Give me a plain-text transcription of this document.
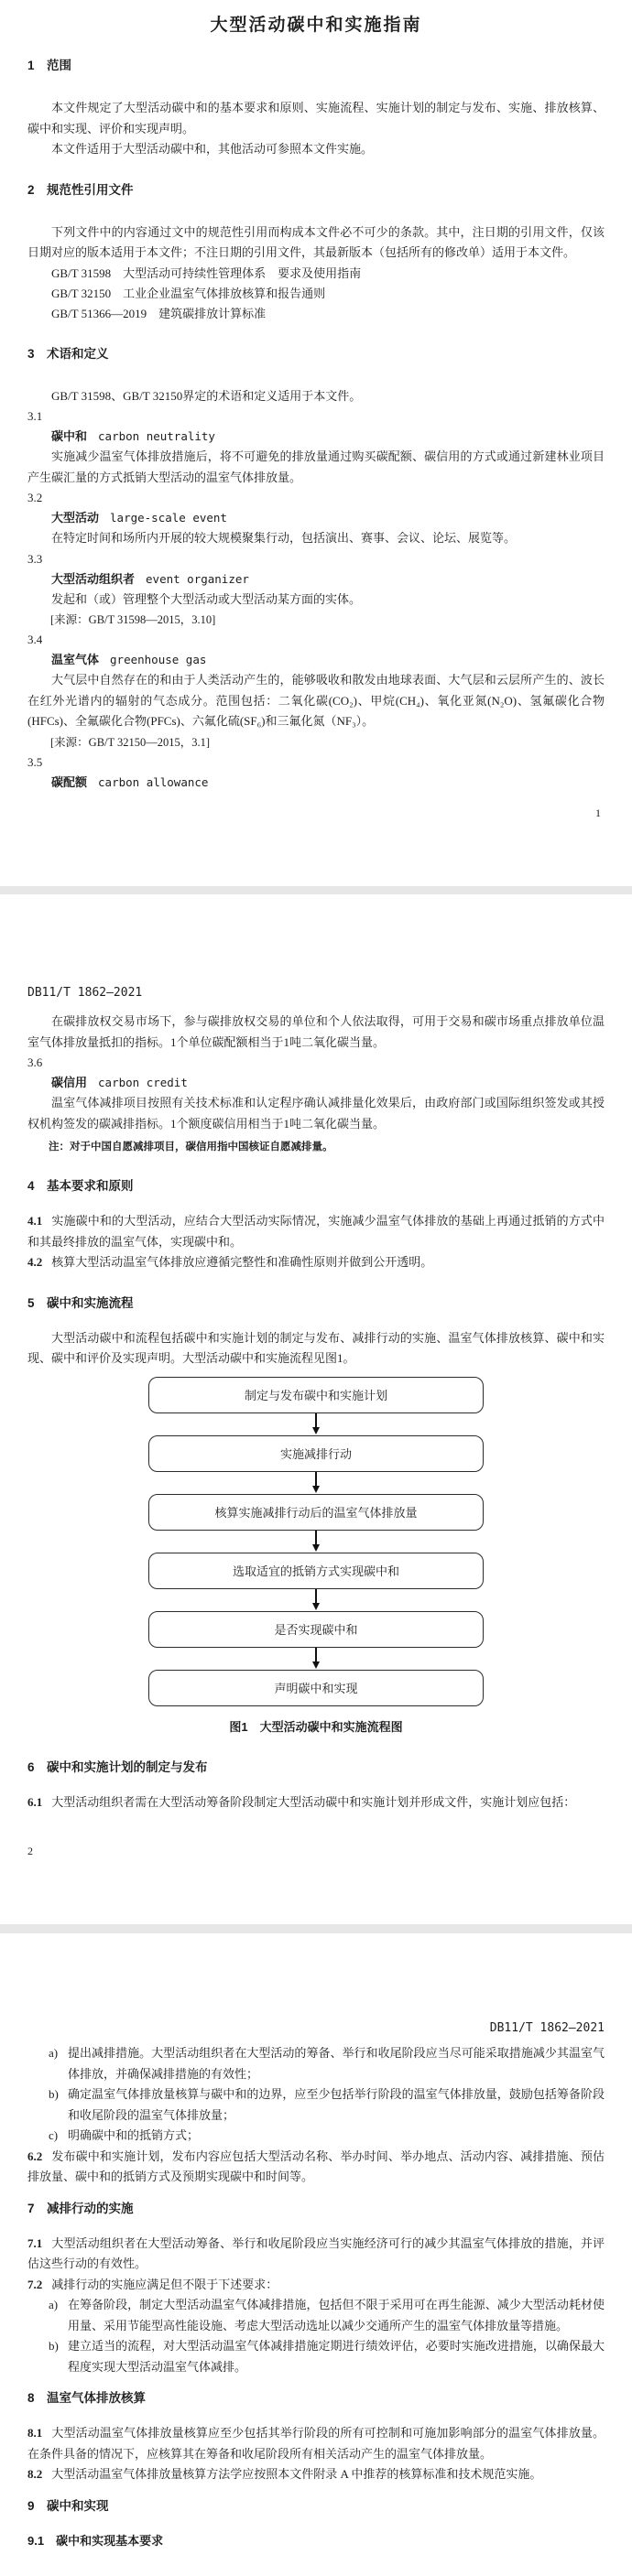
大型活动碳中和实施指南
1　范围

本文件规定了大型活动碳中和的基本要求和原则、实施流程、实施计划的制定与发布、实施、排放核算、碳中和实现、评价和实现声明。

本文件适用于大型活动碳中和，其他活动可参照本文件实施。

2　规范性引用文件

下列文件中的内容通过文中的规范性引用而构成本文件必不可少的条款。其中，注日期的引用文件，仅该日期对应的版本适用于本文件；不注日期的引用文件，其最新版本（包括所有的修改单）适用于本文件。

GB/T 31598　大型活动可持续性管理体系　要求及使用指南

GB/T 32150　工业企业温室气体排放核算和报告通则

GB/T 51366—2019　建筑碳排放计算标准

3　术语和定义

GB/T 31598、GB/T 32150界定的术语和定义适用于本文件。

3.1

碳中和 carbon neutrality

实施减少温室气体排放措施后，将不可避免的排放量通过购买碳配额、碳信用的方式或通过新建林业项目产生碳汇量的方式抵销大型活动的温室气体排放量。

3.2

大型活动 large-scale event

在特定时间和场所内开展的较大规模聚集行动，包括演出、赛事、会议、论坛、展览等。

3.3

大型活动组织者 event organizer

发起和（或）管理整个大型活动或大型活动某方面的实体。

[来源：GB/T 31598—2015，3.10]

3.4

温室气体 greenhouse gas

大气层中自然存在的和由于人类活动产生的，能够吸收和散发由地球表面、大气层和云层所产生的、波长在红外光谱内的辐射的气态成分。范围包括：二氧化碳(CO₂)、甲烷(CH₄)、氧化亚氮(N₂O)、氢氟碳化合物(HFCs)、全氟碳化合物(PFCs)、六氟化硫(SF₆)和三氟化氮（NF₃）。

[来源：GB/T 32150—2015，3.1]

3.5

碳配额 carbon allowance

1
DB11/T 1862—2021

在碳排放权交易市场下，参与碳排放权交易的单位和个人依法取得，可用于交易和碳市场重点排放单位温室气体排放量抵扣的指标。1个单位碳配额相当于1吨二氧化碳当量。

3.6

碳信用 carbon credit

温室气体减排项目按照有关技术标准和认定程序确认减排量化效果后，由政府部门或国际组织签发或其授权机构签发的碳减排指标。1个额度碳信用相当于1吨二氧化碳当量。

注：对于中国自愿减排项目，碳信用指中国核证自愿减排量。

4　基本要求和原则

4.1 实施碳中和的大型活动，应结合大型活动实际情况，实施减少温室气体排放的基础上再通过抵销的方式中和其最终排放的温室气体，实现碳中和。

4.2 核算大型活动温室气体排放应遵循完整性和准确性原则并做到公开透明。

5　碳中和实施流程

大型活动碳中和流程包括碳中和实施计划的制定与发布、减排行动的实施、温室气体排放核算、碳中和实现、碳中和评价及实现声明。大型活动碳中和实施流程见图1。

制定与发布碳中和实施计划
实施减排行动
核算实施减排行动后的温室气体排放量
选取适宜的抵销方式实现碳中和
是否实现碳中和
声明碳中和实现
图1　大型活动碳中和实施流程图
6　碳中和实施计划的制定与发布

6.1 大型活动组织者需在大型活动筹备阶段制定大型活动碳中和实施计划并形成文件，实施计划应包括：

2
DB11/T 1862—2021
a) 提出减排措施。大型活动组织者在大型活动的筹备、举行和收尾阶段应当尽可能采取措施减少其温室气体排放，并确保减排措施的有效性；
b) 确定温室气体排放量核算与碳中和的边界，应至少包括举行阶段的温室气体排放量，鼓励包括筹备阶段和收尾阶段的温室气体排放量；
c) 明确碳中和的抵销方式；

6.2 发布碳中和实施计划，发布内容应包括大型活动名称、举办时间、举办地点、活动内容、减排措施、预估排放量、碳中和的抵销方式及预期实现碳中和时间等。

7　减排行动的实施

7.1 大型活动组织者在大型活动筹备、举行和收尾阶段应当实施经济可行的减少其温室气体排放的措施，并评估这些行动的有效性。

7.2 减排行动的实施应满足但不限于下述要求：

a) 在筹备阶段，制定大型活动温室气体减排措施，包括但不限于采用可在再生能源、减少大型活动耗材使用量、采用节能型高性能设施、考虑大型活动选址以减少交通所产生的温室气体排放量等措施。
b) 建立适当的流程，对大型活动温室气体减排措施定期进行绩效评估，必要时实施改进措施，以确保最大程度实现大型活动温室气体减排。
8　温室气体排放核算

8.1 大型活动温室气体排放量核算应至少包括其举行阶段的所有可控制和可施加影响部分的温室气体排放量。在条件具备的情况下，应核算其在筹备和收尾阶段所有相关活动产生的温室气体排放量。

8.2 大型活动温室气体排放量核算方法学应按照本文件附录 A 中推荐的核算标准和技术规范实施。

9　碳中和实现
9.1　碳中和实现基本要求
